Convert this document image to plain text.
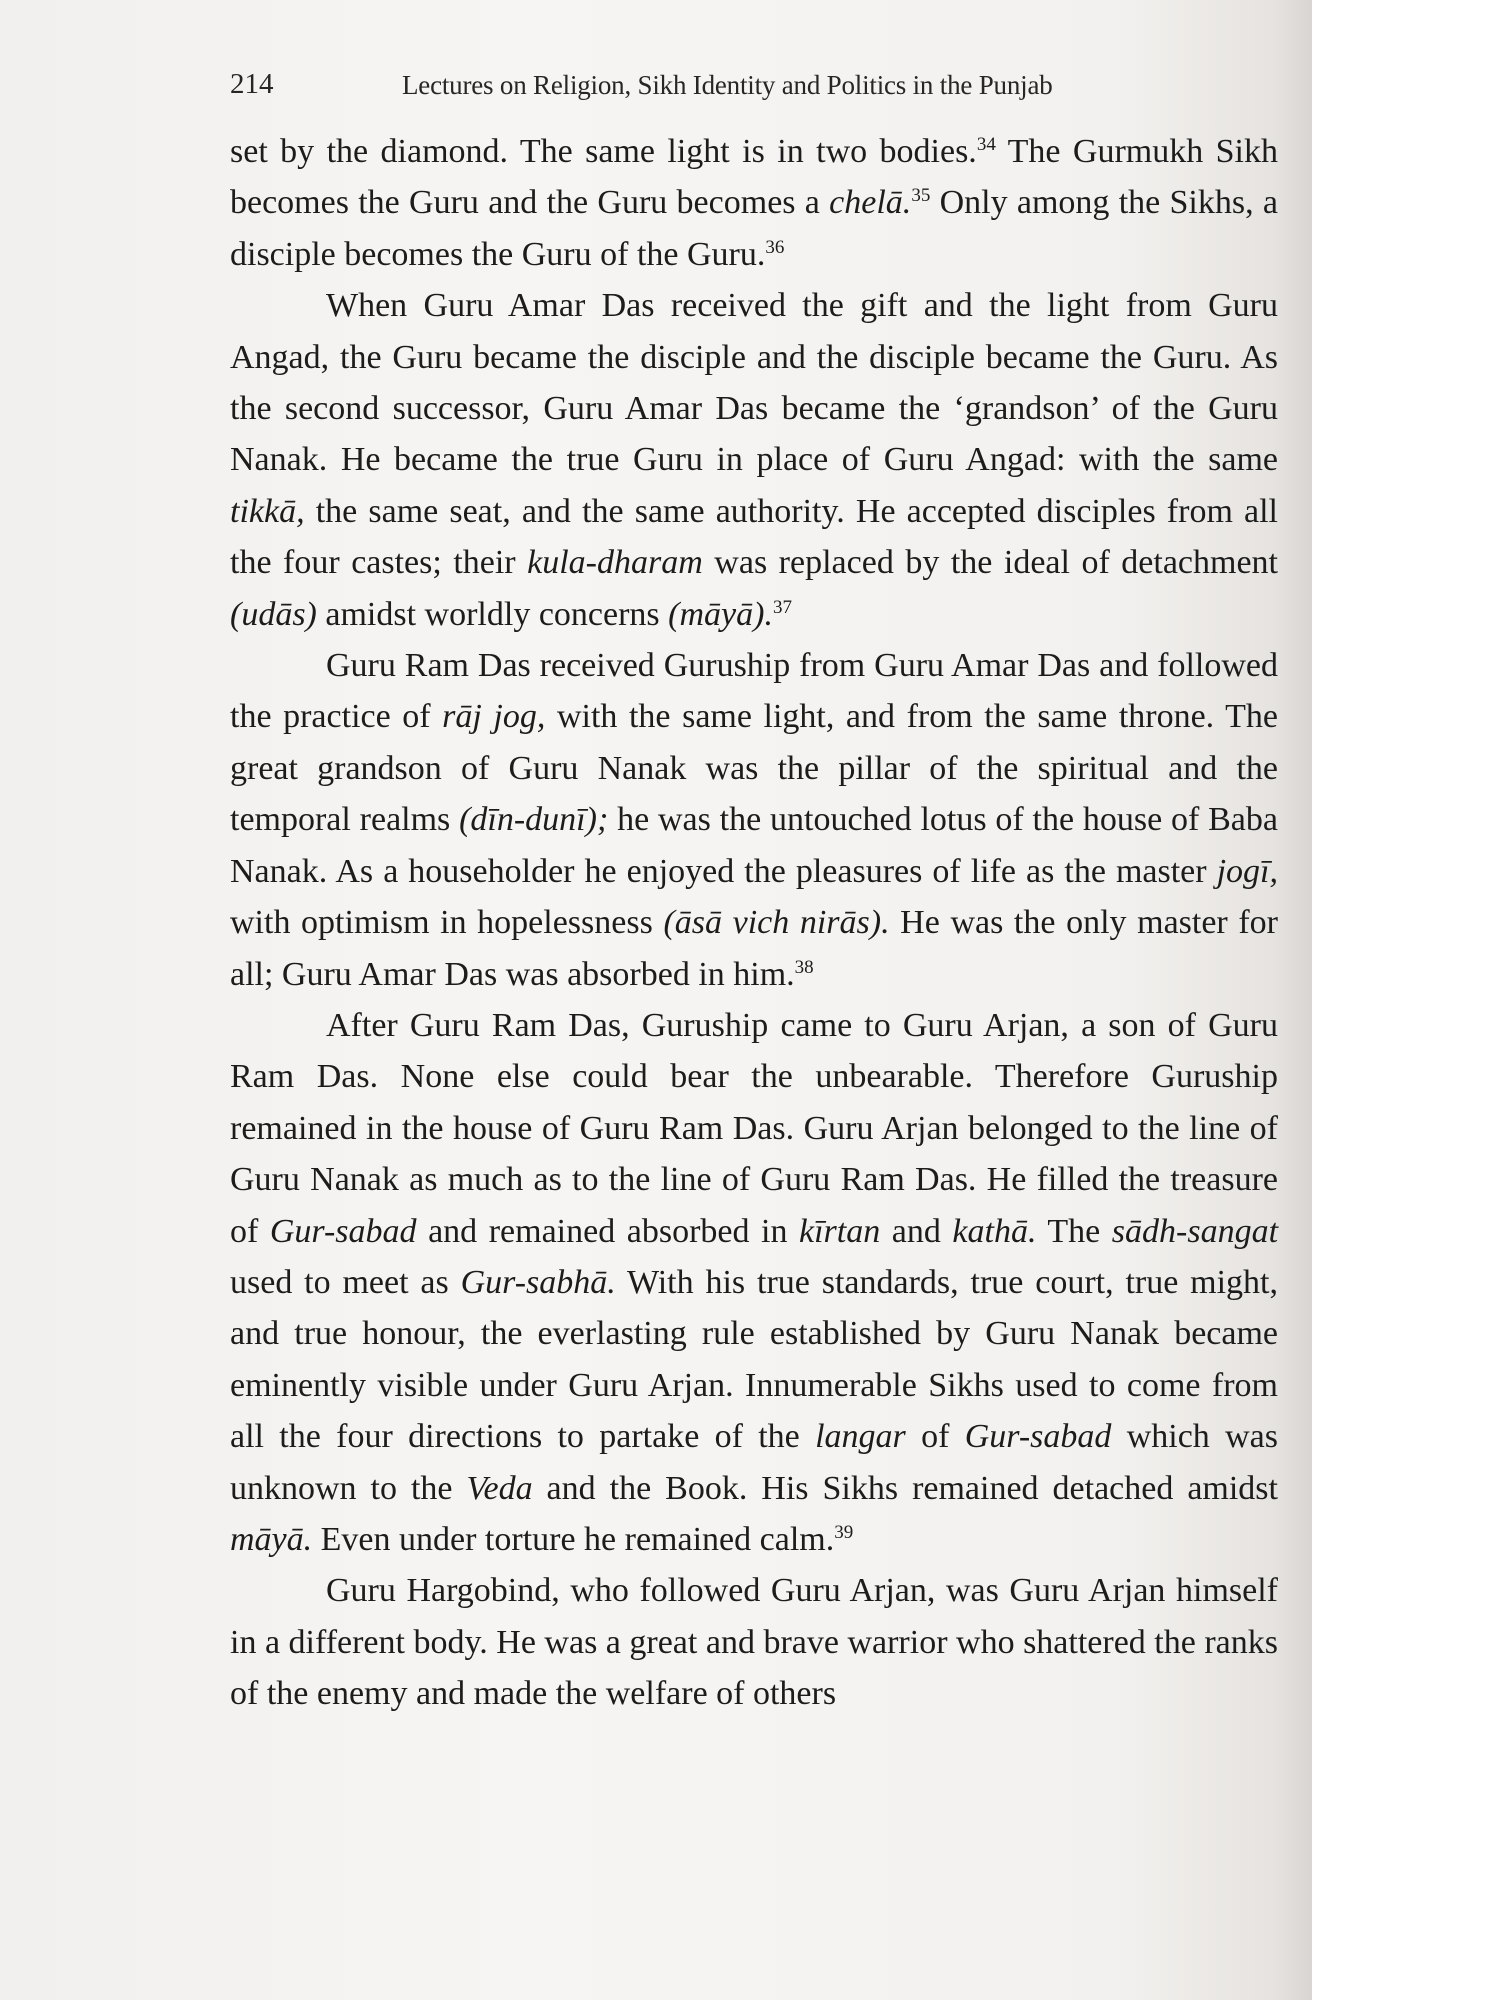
214	Lectures on Religion, Sikh Identity and Politics in the Punjab

set by the diamond. The same light is in two bodies.$^{34}$ The Gurmukh Sikh becomes the Guru and the Guru becomes a chelā.$^{35}$ Only among the Sikhs, a disciple becomes the Guru of the Guru.$^{36}$

When Guru Amar Das received the gift and the light from Guru Angad, the Guru became the disciple and the disciple became the Guru. As the second successor, Guru Amar Das became the ‘grandson’ of the Guru Nanak. He became the true Guru in place of Guru Angad: with the same tikkā, the same seat, and the same authority. He accepted disciples from all the four castes; their kula-dharam was replaced by the ideal of detachment (udās) amidst worldly concerns (māyā).$^{37}$

Guru Ram Das received Guruship from Guru Amar Das and followed the practice of rāj jog, with the same light, and from the same throne. The great grandson of Guru Nanak was the pillar of the spiritual and the temporal realms (dīn-dunī); he was the untouched lotus of the house of Baba Nanak. As a householder he enjoyed the pleasures of life as the master jogī, with optimism in hopelessness (āsā vich nirās). He was the only master for all; Guru Amar Das was absorbed in him.$^{38}$

After Guru Ram Das, Guruship came to Guru Arjan, a son of Guru Ram Das. None else could bear the unbearable. Therefore Guruship remained in the house of Guru Ram Das. Guru Arjan belonged to the line of Guru Nanak as much as to the line of Guru Ram Das. He filled the treasure of Gur-sabad and remained absorbed in kīrtan and kathā. The sādh-sangat used to meet as Gur-sabhā. With his true standards, true court, true might, and true honour, the everlasting rule established by Guru Nanak became eminently visible under Guru Arjan. Innumerable Sikhs used to come from all the four directions to partake of the langar of Gur-sabad which was unknown to the Veda and the Book. His Sikhs remained detached amidst māyā. Even under torture he remained calm.$^{39}$

Guru Hargobind, who followed Guru Arjan, was Guru Arjan himself in a different body. He was a great and brave warrior who shattered the ranks of the enemy and made the welfare of others
